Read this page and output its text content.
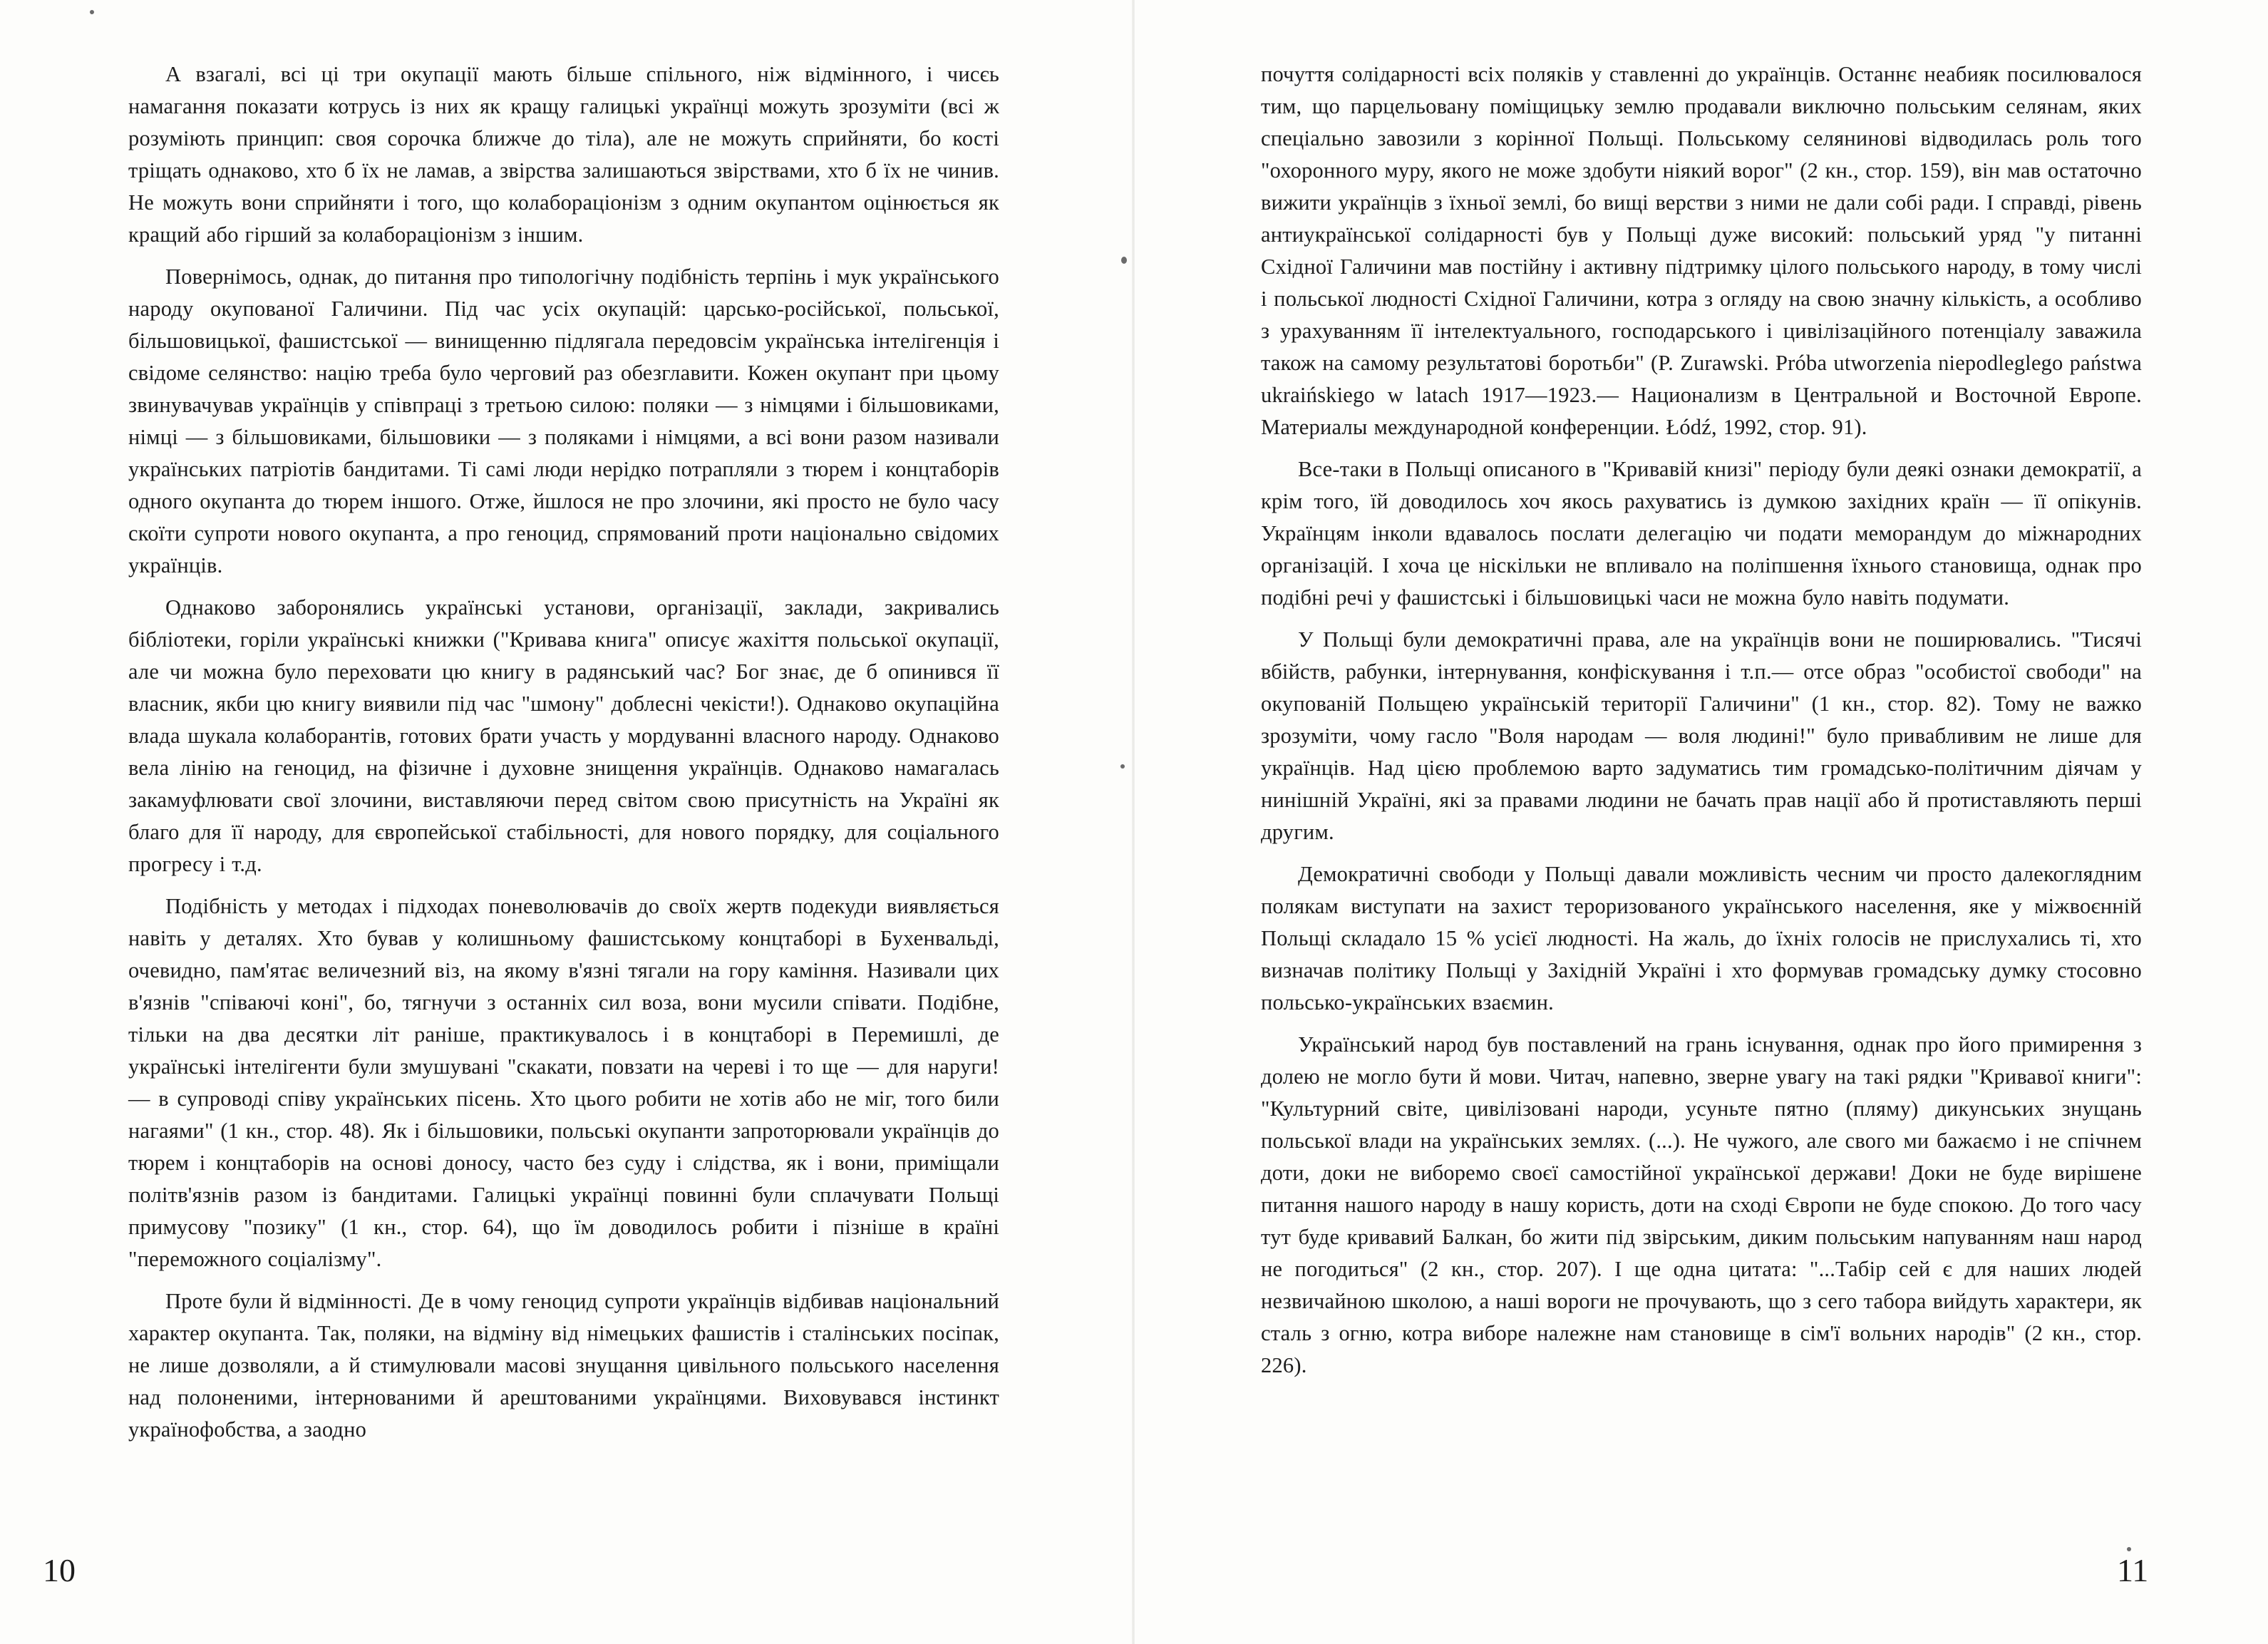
А взагалі, всі ці три окупації мають більше спільного, ніж відмінного, і чисєь намагання показати котрусь із них як кращу галицькі українці можуть зрозуміти (всі ж розуміють принцип: своя сорочка ближче до тіла), але не можуть сприйняти, бо кості тріщать однаково, хто б їх не ламав, а звірства залишаються звірствами, хто б їх не чинив. Не можуть вони сприйняти і того, що колабораціонізм з одним окупантом оцінюється як кращий або гірший за колабораціонізм з іншим.

Повернімось, однак, до питання про типологічну подібність терпінь і мук українського народу окупованої Галичини. Під час усіх окупацій: царсько-російської, польської, більшовицької, фашистської — винищенню підлягала передовсім українська інтелігенція і свідоме селянство: націю треба було черговий раз обезглавити. Кожен окупант при цьому звинувачував українців у співпраці з третьою силою: поляки — з німцями і більшовиками, німці — з більшовиками, більшовики — з поляками і німцями, а всі вони разом називали українських патріотів бандитами. Ті самі люди нерідко потрапляли з тюрем і концтаборів одного окупанта до тюрем іншого. Отже, йшлося не про злочини, які просто не було часу скоїти супроти нового окупанта, а про геноцид, спрямований проти національно свідомих українців.

Однаково заборонялись українські установи, організації, заклади, закривались бібліотеки, горіли українські книжки ("Кривава книга" описує жахіття польської окупації, але чи можна було переховати цю книгу в радянський час? Бог знає, де б опинився її власник, якби цю книгу виявили під час "шмону" доблесні чекісти!). Однаково окупаційна влада шукала колаборантів, готових брати участь у мордуванні власного народу. Однаково вела лінію на геноцид, на фізичне і духовне знищення українців. Однаково намагалась закамуфлювати свої злочини, виставляючи перед світом свою присутність на Україні як благо для її народу, для європейської стабільності, для нового порядку, для соціального прогресу і т.д.

Подібність у методах і підходах поневолювачів до своїх жертв подекуди виявляється навіть у деталях. Хто бував у колишньому фашистському концтаборі в Бухенвальді, очевидно, пам'ятає величезний віз, на якому в'язні тягали на гору каміння. Називали цих в'язнів "співаючі коні", бо, тягнучи з останніх сил воза, вони мусили співати. Подібне, тільки на два десятки літ раніше, практикувалось і в концтаборі в Перемишлі, де українські інтелігенти були змушувані "скакати, повзати на череві і то ще — для наруги! — в супроводі співу українських пісень. Хто цього робити не хотів або не міг, того били нагаями" (1 кн., стор. 48). Як і більшовики, польські окупанти запроторювали українців до тюрем і концтаборів на основі доносу, часто без суду і слідства, як і вони, приміщали політв'язнів разом із бандитами. Галицькі українці повинні були сплачувати Польщі примусову "позику" (1 кн., стор. 64), що їм доводилось робити і пізніше в країні "переможного соціалізму".

Проте були й відмінності. Де в чому геноцид супроти українців відбивав національний характер окупанта. Так, поляки, на відміну від німецьких фашистів і сталінських посіпак, не лише дозволяли, а й стимулювали масові знущання цивільного польського населення над полоненими, інтернованими й арештованими українцями. Виховувався інстинкт українофобства, а заодно

10

почуття солідарності всіх поляків у ставленні до українців. Останнє неабияк посилювалося тим, що парцельовану поміщицьку землю продавали виключно польським селянам, яких спеціально завозили з корінної Польщі. Польському селянинові відводилась роль того "охоронного муру, якого не може здобути ніякий ворог" (2 кн., стор. 159), він мав остаточно вижити українців з їхньої землі, бо вищі верстви з ними не дали собі ради. І справді, рівень антиукраїнської солідарності був у Польщі дуже високий: польський уряд "у питанні Східної Галичини мав постійну і активну підтримку цілого польського народу, в тому числі і польської людності Східної Галичини, котра з огляду на свою значну кількість, а особливо з урахуванням її інтелектуального, господарського і цивілізаційного потенціалу заважила також на самому результатові боротьби" (P. Zurawski. Próba utworzenia niepodleglego państwa ukraińskiego w latach 1917—1923.— Национализм в Центральной и Восточной Европе. Материалы международной конференции. Łódź, 1992, стор. 91).

Все-таки в Польщі описаного в "Кривавій книзі" періоду були деякі ознаки демократії, а крім того, їй доводилось хоч якось рахуватись із думкою західних країн — її опікунів. Українцям інколи вдавалось послати делегацію чи подати меморандум до міжнародних організацій. І хоча це ніскільки не впливало на поліпшення їхнього становища, однак про подібні речі у фашистські і більшовицькі часи не можна було навіть подумати.

У Польщі були демократичні права, але на українців вони не поширювались. "Тисячі вбійств, рабунки, інтернування, конфіскування і т.п.— отсе образ "особистої свободи" на окупованій Польщею українській території Галичини" (1 кн., стор. 82). Тому не важко зрозуміти, чому гасло "Воля народам — воля людині!" було привабливим не лише для українців. Над цією проблемою варто задуматись тим громадсько-політичним діячам у нинішній Україні, які за правами людини не бачать прав нації або й протиставляють перші другим.

Демократичні свободи у Польщі давали можливість чесним чи просто далекоглядним полякам виступати на захист тероризованого українського населення, яке у міжвоєнній Польщі складало 15 % усієї людності. На жаль, до їхніх голосів не прислухались ті, хто визначав політику Польщі у Західній Україні і хто формував громадську думку стосовно польсько-українських взаємин.

Український народ був поставлений на грань існування, однак про його примирення з долею не могло бути й мови. Читач, напевно, зверне увагу на такі рядки "Кривавої книги": "Культурний світе, цивілізовані народи, усуньте пятно (пляму) дикунських знущань польської влади на українських землях. (...). Не чужого, але свого ми бажаємо і не спічнем доти, доки не виборемо своєї самостійної української держави! Доки не буде вирішене питання нашого народу в нашу користь, доти на сході Європи не буде спокою. До того часу тут буде кривавий Балкан, бо жити під звірським, диким польським напуванням наш народ не погодиться" (2 кн., стор. 207). І ще одна цитата: "...Табір сей є для наших людей незвичайною школою, а наші вороги не прочувають, що з сего табора вийдуть характери, як сталь з огню, котра вибоpе належне нам становище в сім'ї вольних народів" (2 кн., стор. 226).

11
